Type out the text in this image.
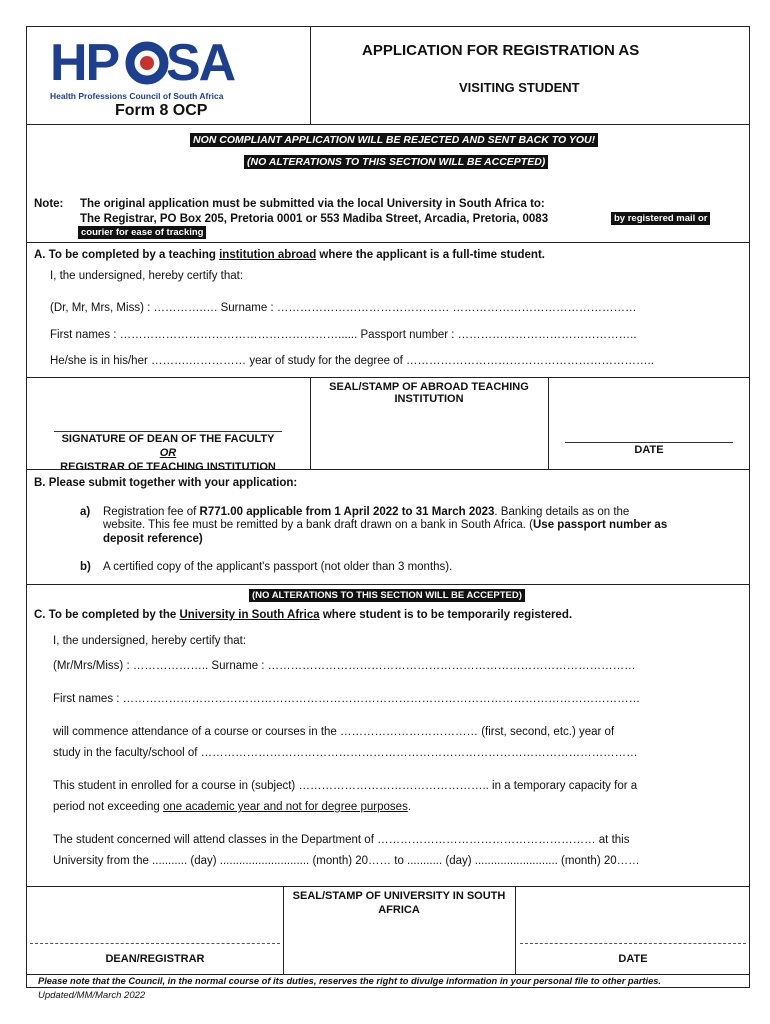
HP SA
Health Professions Council of South Africa
Form 8 OCP
APPLICATION FOR REGISTRATION AS
VISITING STUDENT
NON COMPLIANT APPLICATION WILL BE REJECTED AND SENT BACK TO YOU!
(NO ALTERATIONS TO THIS SECTION WILL BE ACCEPTED)
Note: The original application must be submitted via the local University in South Africa to:
The Registrar, PO Box 205, Pretoria 0001 or 553 Madiba Street, Arcadia, Pretoria, 0083	by registered mail or
courier for ease of tracking
A. To be completed by a teaching institution abroad where the applicant is a full-time student.
I, the undersigned, hereby certify that:
(Dr, Mr, Mrs, Miss) : ………….…. Surname : ……………………………………… …………………………………………
First names : …………………………………………………...... Passport number : ………………………………………..
He/she is in his/her ……….…………… year of study for the degree of ………………………………………………………..
SEAL/STAMP OF ABROAD TEACHING INSTITUTION
SIGNATURE OF DEAN OF THE FACULTY
OR
REGISTRAR OF TEACHING INSTITUTION
DATE
B. Please submit together with your application:
a) Registration fee of R771.00 applicable from 1 April 2022 to 31 March 2023. Banking details as on the
website. This fee must be remitted by a bank draft drawn on a bank in South Africa. (Use passport number as
deposit reference)
b) A certified copy of the applicant's passport (not older than 3 months).
(NO ALTERATIONS TO THIS SECTION WILL BE ACCEPTED)
C. To be completed by the University in South Africa where student is to be temporarily registered.
I, the undersigned, hereby certify that:
(Mr/Mrs/Miss) : ……………….. Surname : ……………………………………………………………………………………
First names : ………………………………………………………………………………………………………………………
will commence attendance of a course or courses in the ……………………………… (first, second, etc.) year of
study in the faculty/school of ……………………………………………………………………………………………………
This student in enrolled for a course in (subject) ………………………………………….. in a temporary capacity for a
period not exceeding one academic year and not for degree purposes.
The student concerned will attend classes in the Department of ………………………………………………… at this
University from the ........... (day) ............................ (month) 20…… to ........... (day) .......................... (month) 20……
SEAL/STAMP OF UNIVERSITY IN SOUTH AFRICA
DEAN/REGISTRAR	DATE
Please note that the Council, in the normal course of its duties, reserves the right to divulge information in your personal file to other parties.
Updated/MM/March 2022
